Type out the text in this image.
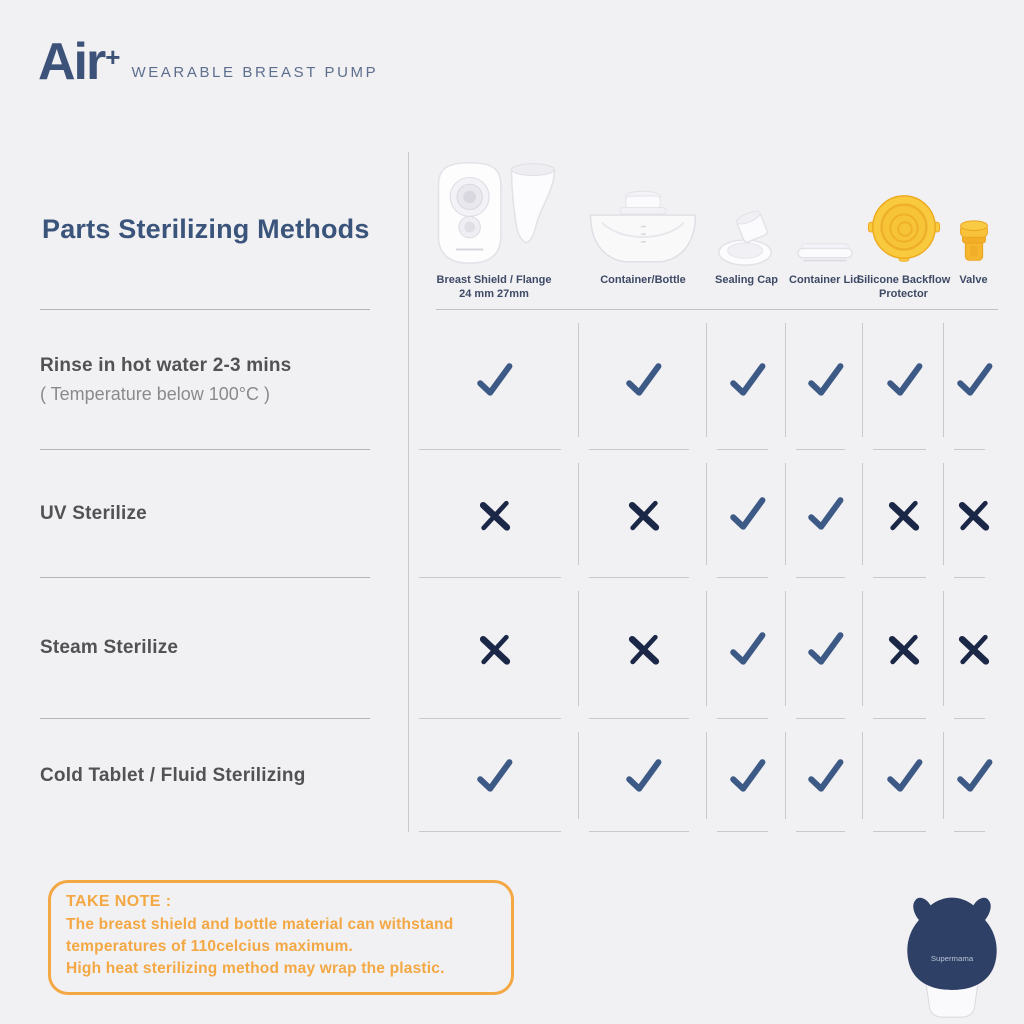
Air +
WEARABLE BREAST PUMP
Parts Sterilizing Methods
Breast Shield / Flange
24 mm 27mm
Container/Bottle	Sealing Cap	Container Lid
Silicone Backflow Protector
Valve
Rinse in hot water 2-3 mins
( Temperature below 100°C )
UV Sterilize
Steam Sterilize
Cold Tablet / Fluid Sterilizing
TAKE NOTE :
The breast shield and bottle material can withstand
temperatures of 110celcius maximum.
High heat sterilizing method may wrap the plastic.
Supermama
